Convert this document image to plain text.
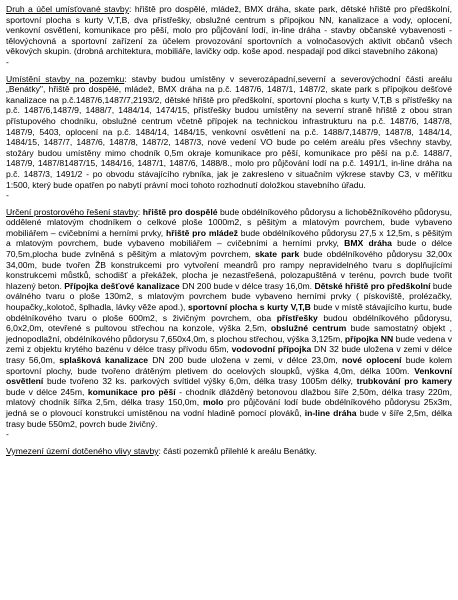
Druh a účel umísťované stavby: hřiště pro dospělé, mládež, BMX dráha, skate park, dětské hřiště pro předškolní, sportovní plocha s kurty V,T,B, dva přístřešky, obslužné centrum s přípojkou NN, kanalizace a vody, oplocení, venkovní osvětlení, komunikace pro pěší, molo pro půjčování lodí, in-line dráha - stavby občanské vybavenosti - tělovýchovná a sportovní zařízení za účelem provozování sportovních a volnočasových aktivit občanů všech věkových skupin. (drobná architektura, mobiliáře, lavičky odp. koše apod. nespadají pod dikci stavebního zákona)

-

Umístění stavby na pozemku: stavby budou umístěny v severozápadní,severní a severovýchodní části areálu „Benátky", hřiště pro dospělé, mládež, BMX dráha na p.č. 1487/6, 1487/1, 1487/2, skate park s přípojkou dešťové kanalizace na p.č.1487/6,1487/7,2193/2, dětské hřiště pro předškolní, sportovní plocha s kurty V,T,B s přístřešky na p.č. 1487/6,1487/9, 1488/7, 1484/14, 1474/15, přístřešky budou umístěny na severní straně hřiště z obou stran přístupového chodníku, obslužné centrum včetně přípojek na technickou infrastrukturu na p.č. 1487/6, 1487/8, 1487/9, 5403, oplocení na p.č. 1484/14, 1484/15, venkovní osvětlení na p.č. 1488/7,1487/9, 1487/8, 1484/14, 1484/15, 1487/7, 1487/6, 1487/8, 1487/2, 1487/3, nové vedení VO bude po celém areálu přes všechny stavby, stožáry budou umístěny mimo chodník 0,5m okraje komunikace pro pěší, komunikace pro pěší na p.č. 1488/7, 1487/9, 1487/81487/15, 1484/16, 1487/1, 1487/6, 1488/8., molo pro půjčování lodí na p.č. 1491/1, in-line dráha na p.č. 1487/3, 1491/2 - po obvodu stávajícího rybníka, jak je zakresleno v situačním výkrese stavby C3, v měřítku 1:500, který bude opatřen po nabytí právní moci tohoto rozhodnutí doložkou stavebního úřadu.

-

Určení prostorového řešení stavby: hřiště pro dospělé bude obdélníkového půdorysu a lichoběžníkového půdorysu, oddělené mlatovým chodníkem o celkové ploše 1000m2, s pěšitým a mlatovým povrchem, bude vybaveno mobiliářem – cvičebními a herními prvky, hřiště pro mládež bude obdélníkového půdorysu 27,5 x 12,5m, s pěšitým a mlatovým povrchem, bude vybaveno mobiliářem – cvičebními a herními prvky, BMX dráha bude o délce 70,5m,plocha bude zvlněná s pěšitým a mlatovým povrchem, skate park bude obdélníkového půdorysu 32,00x 34,00m, bude tvořen ŽB konstrukcemi pro vytvoření meandrů pro rampy nepravidelného tvaru s doplňujícími konstrukcemi můstků, schodišť a překážek, plocha je nezastřešená, polozapuštěná v terénu, povrch bude tvořit hlazený beton. Přípojka dešťové kanalizace DN 200 bude v délce trasy 16,0m. Dětské hřiště pro předškolní bude oválného tvaru o ploše 130m2, s mlatovým povrchem bude vybaveno herními prvky ( pískoviště, prolézačky, houpačky,,kolotoč, šplhadla, lávky věže apod.), sportovní plocha s kurty V,T,B bude v místě stávajícího kurtu, bude obdélníkového tvaru o ploše 600m2, s živičným povrchem, oba přístřešky budou obdélníkového půdorysu, 6,0x2,0m, otevřené s pultovou střechou na konzole, výška 2,5m, obslužné centrum bude samostatný objekt , jednopodlažní, obdélníkového půdorysu 7,650x4,0m, s plochou střechou, výška 3,125m, přípojka NN bude vedena v zemi z objektu krytého bazénu v délce trasy přívodu 65m, vodovodní přípojka DN 32 bude uložena v zemi v délce trasy 56,0m, splašková kanalizace DN 200 bude uložena v zemi, v délce 23,0m, nové oplocení bude kolem sportovní plochy, bude tvořeno drátěným pletivem do ocelových sloupků, výška 4,0m, délka 100m. Venkovní osvětlení bude tvořeno 32 ks. parkových svítidel výšky 6,0m, délka trasy 1005m délky, trubkování pro kamery bude v délce 245m, komunikace pro pěší - chodník dlážděný betonovou dlažbou šíře 2,50m, délka trasy 220m, mlatový chodník šířka 2,5m, délka trasy 150,0m, molo pro půjčování lodí bude obdélníkového půdorysu 25x3m, jedná se o plovoucí konstrukci umístěnou na vodní hladině pomocí plováků, in-line dráha bude v šíře 2,5m, délka trasy bude 550m2, povrch bude živičný.

-

Vymezení území dotčeného vlivy stavby: části pozemků přilehlé k areálu Benátky.
